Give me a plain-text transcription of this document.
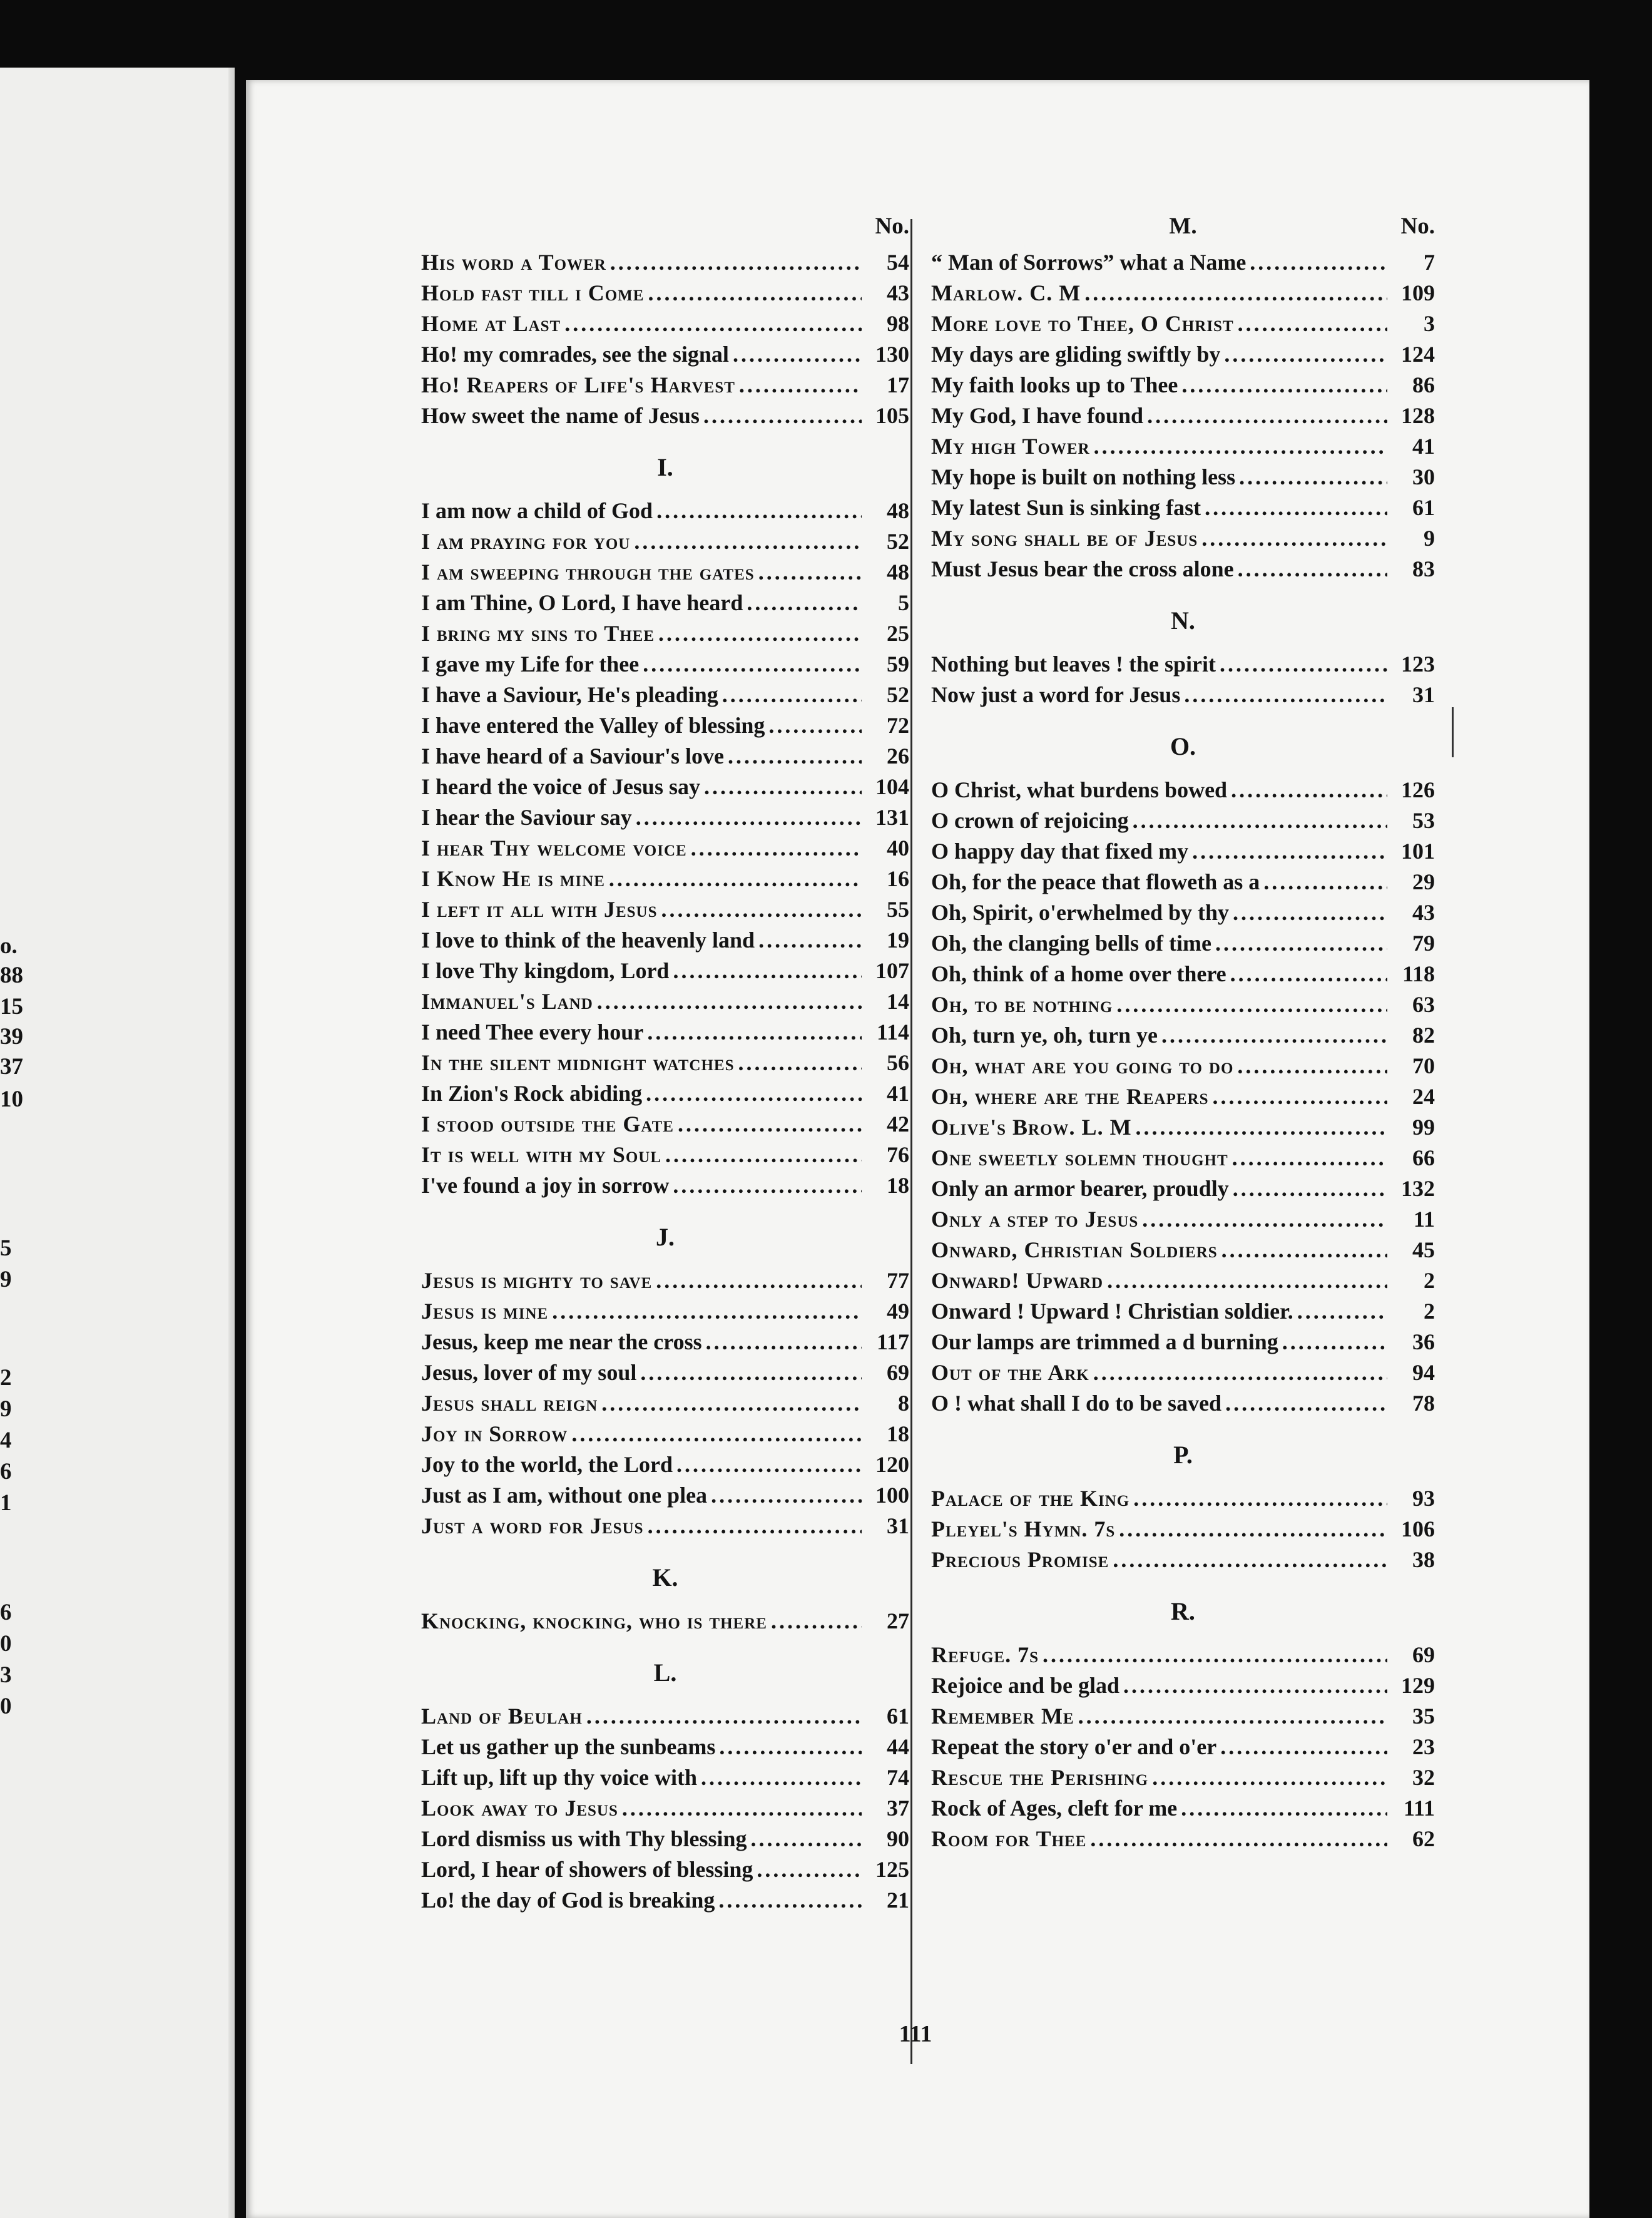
o.
88
15
39
37
10
5
9
2
9
4
6
1
6
0
3
0
No.
His word a Tower .....	54
Hold fast till i Come .....	43
Home at Last .....	98
Ho! my comrades, see the signal .....	130
Ho! Reapers of Life's Harvest .....	17
How sweet the name of Jesus .....	105
I.
I am now a child of God .....	48
I am praying for you .....	52
I am sweeping through the gates .....	48
I am Thine, O Lord, I have heard .....	5
I bring my sins to Thee .....	25
I gave my Life for thee .....	59
I have a Saviour, He's pleading .....	52
I have entered the Valley of blessing .....	72
I have heard of a Saviour's love .....	26
I heard the voice of Jesus say .....	104
I hear the Saviour say .....	131
I hear Thy welcome voice .....	40
I Know He is mine .....	16
I left it all with Jesus .....	55
I love to think of the heavenly land .....	19
I love Thy kingdom, Lord .....	107
Immanuel's Land .....	14
I need Thee every hour .....	114
In the silent midnight watches .....	56
In Zion's Rock abiding .....	41
I stood outside the Gate .....	42
It is well with my Soul .....	76
I've found a joy in sorrow .....	18
J.
Jesus is mighty to save .....	77
Jesus is mine .....	49
Jesus, keep me near the cross .....	117
Jesus, lover of my soul .....	69
Jesus shall reign .....	8
Joy in Sorrow .....	18
Joy to the world, the Lord .....	120
Just as I am, without one plea .....	100
Just a word for Jesus .....	31
K.
Knocking, knocking, who is there .....	27
L.
Land of Beulah .....	61
Let us gather up the sunbeams .....	44
Lift up, lift up thy voice with .....	74
Look away to Jesus .....	37
Lord dismiss us with Thy blessing .....	90
Lord, I hear of showers of blessing .....	125
Lo! the day of God is breaking .....	21
M.	No.
“ Man of Sorrows” what a Name .....	7
Marlow. C. M .....	109
More love to Thee, O Christ .....	3
My days are gliding swiftly by .....	124
My faith looks up to Thee .....	86
My God, I have found .....	128
My high Tower .....	41
My hope is built on nothing less .....	30
My latest Sun is sinking fast .....	61
My song shall be of Jesus .....	9
Must Jesus bear the cross alone .....	83
N.
Nothing but leaves ! the spirit .....	123
Now just a word for Jesus .....	31
O.
O Christ, what burdens bowed .....	126
O crown of rejoicing .....	53
O happy day that fixed my .....	101
Oh, for the peace that floweth as a .....	29
Oh, Spirit, o'erwhelmed by thy .....	43
Oh, the clanging bells of time .....	79
Oh, think of a home over there .....	118
Oh, to be nothing .....	63
Oh, turn ye, oh, turn ye .....	82
Oh, what are you going to do .....	70
Oh, where are the Reapers .....	24
Olive's Brow. L. M .....	99
One sweetly solemn thought .....	66
Only an armor bearer, proudly .....	132
Only a step to Jesus .....	11
Onward, Christian Soldiers .....	45
Onward! Upward .....	2
Onward ! Upward ! Christian soldier. .....	2
Our lamps are trimmed a d burning .....	36
Out of the Ark .....	94
O ! what shall I do to be saved .....	78
P.
Palace of the King .....	93
Pleyel's Hymn. 7s .....	106
Precious Promise .....	38
R.
Refuge. 7s .....	69
Rejoice and be glad .....	129
Remember Me .....	35
Repeat the story o'er and o'er .....	23
Rescue the Perishing .....	32
Rock of Ages, cleft for me .....	111
Room for Thee .....	62
111
